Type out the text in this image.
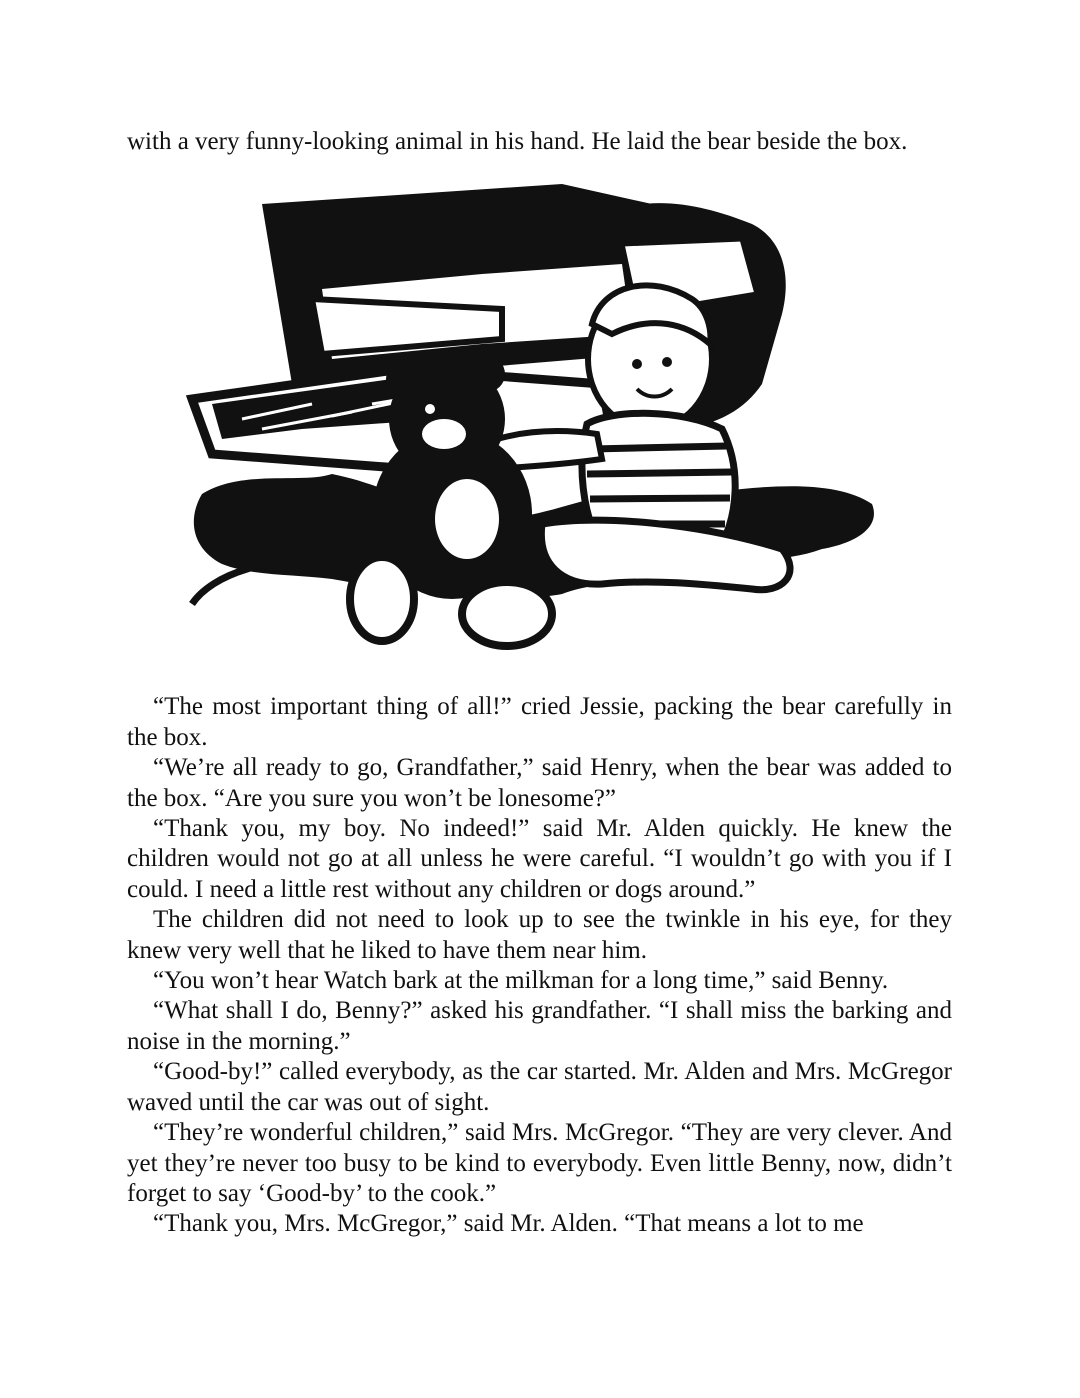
with a very funny-looking animal in his hand. He laid the bear beside the box.

“The most important thing of all!” cried Jessie, packing the bear carefully in the box.

“We’re all ready to go, Grandfather,” said Henry, when the bear was added to the box. “Are you sure you won’t be lonesome?”

“Thank you, my boy. No indeed!” said Mr. Alden quickly. He knew the children would not go at all unless he were careful. “I wouldn’t go with you if I could. I need a little rest without any children or dogs around.”

The children did not need to look up to see the twinkle in his eye, for they knew very well that he liked to have them near him.

“You won’t hear Watch bark at the milkman for a long time,” said Benny.

“What shall I do, Benny?” asked his grandfather. “I shall miss the barking and noise in the morning.”

“Good-by!” called everybody, as the car started. Mr. Alden and Mrs. McGregor waved until the car was out of sight.

“They’re wonderful children,” said Mrs. McGregor. “They are very clever. And yet they’re never too busy to be kind to everybody. Even little Benny, now, didn’t forget to say ‘Good-by’ to the cook.”

“Thank you, Mrs. McGregor,” said Mr. Alden. “That means a lot to me
